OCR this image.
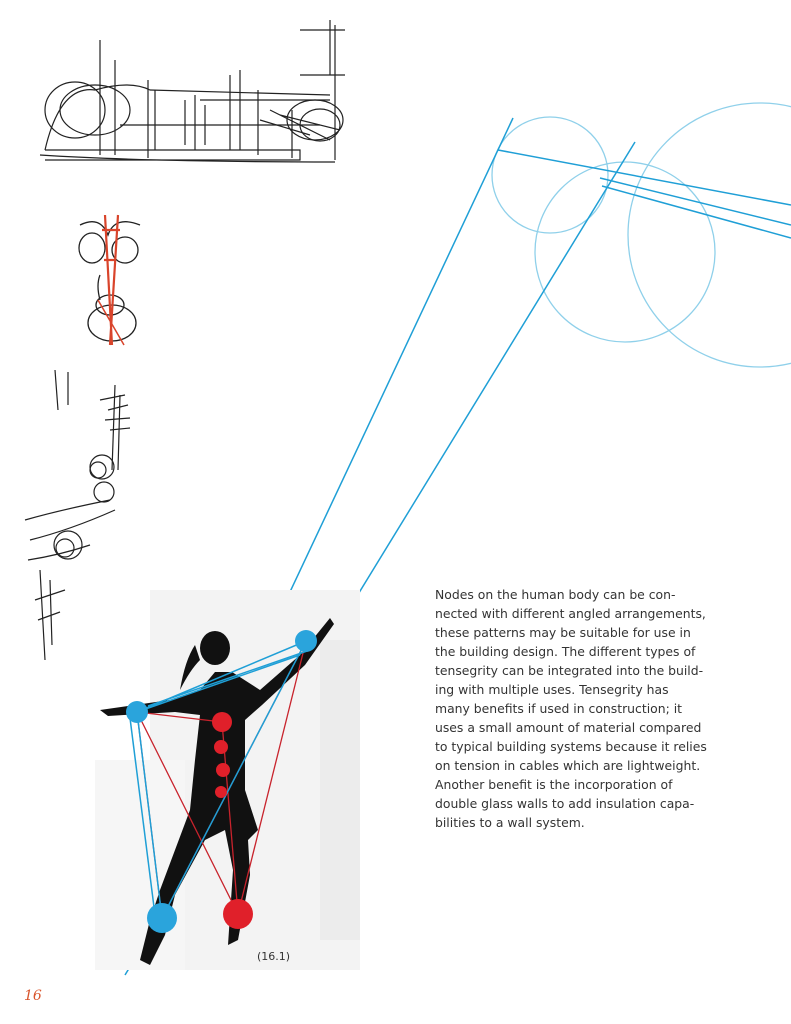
Nodes on the human body can be con-
nected with different angled arrangements,
these patterns may be suitable for use in
the building design. The different types of
tensegrity can be integrated into the build-
ing with multiple uses. Tensegrity has
many benefits if used in construction; it
uses a small amount of material compared
to typical building systems because it relies
on tension in cables which are lightweight.
Another benefit is the incorporation of
double glass walls to add insulation capa-
bilities to a wall system.
(16.1)
16
